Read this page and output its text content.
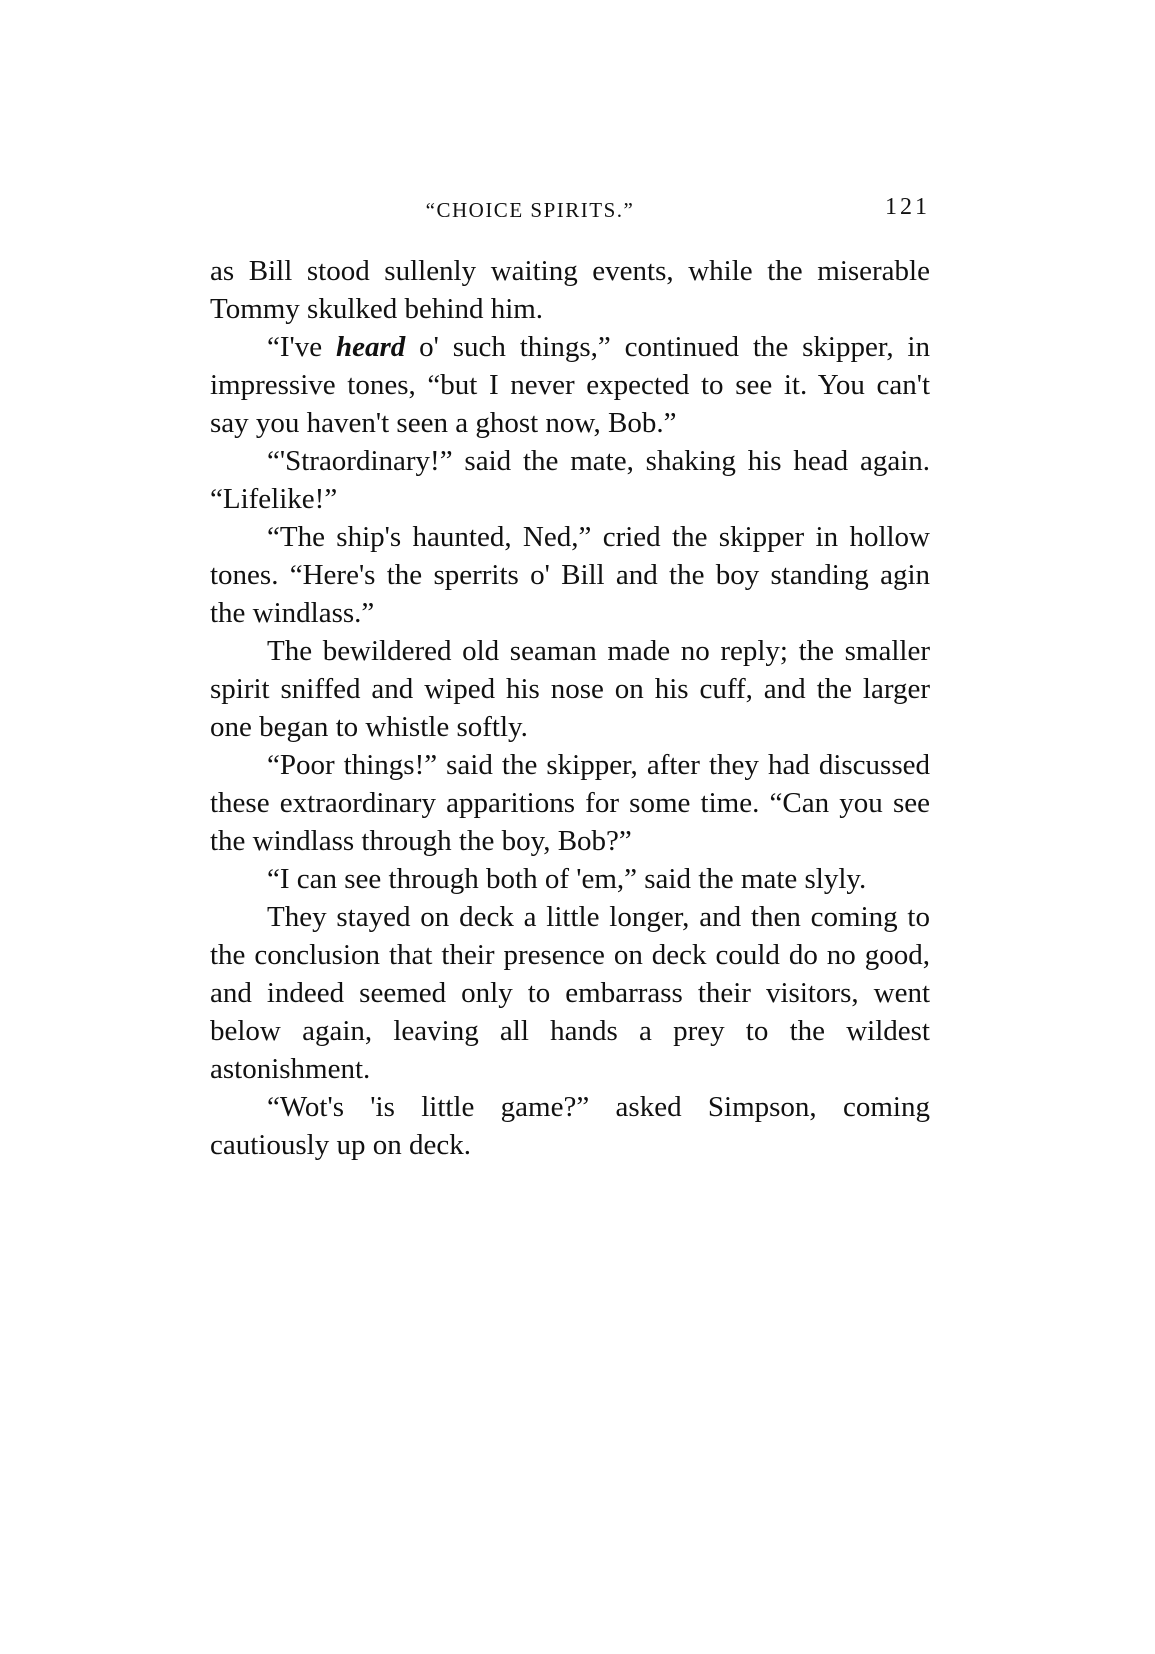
“CHOICE SPIRITS.”	121

as Bill stood sullenly waiting events, while the miserable Tommy skulked behind him.

“I've heard o' such things,” continued the skipper, in impressive tones, “but I never expected to see it. You can't say you haven't seen a ghost now, Bob.”

“'Straordinary!” said the mate, shaking his head again. “Lifelike!”

“The ship's haunted, Ned,” cried the skipper in hollow tones. “Here's the sperrits o' Bill and the boy standing agin the windlass.”

The bewildered old seaman made no reply; the smaller spirit sniffed and wiped his nose on his cuff, and the larger one began to whistle softly.

“Poor things!” said the skipper, after they had discussed these extraordinary apparitions for some time. “Can you see the windlass through the boy, Bob?”

“I can see through both of 'em,” said the mate slyly.

They stayed on deck a little longer, and then coming to the conclusion that their presence on deck could do no good, and indeed seemed only to embarrass their visitors, went below again, leaving all hands a prey to the wildest astonishment.

“Wot's 'is little game?” asked Simpson, coming cautiously up on deck.
